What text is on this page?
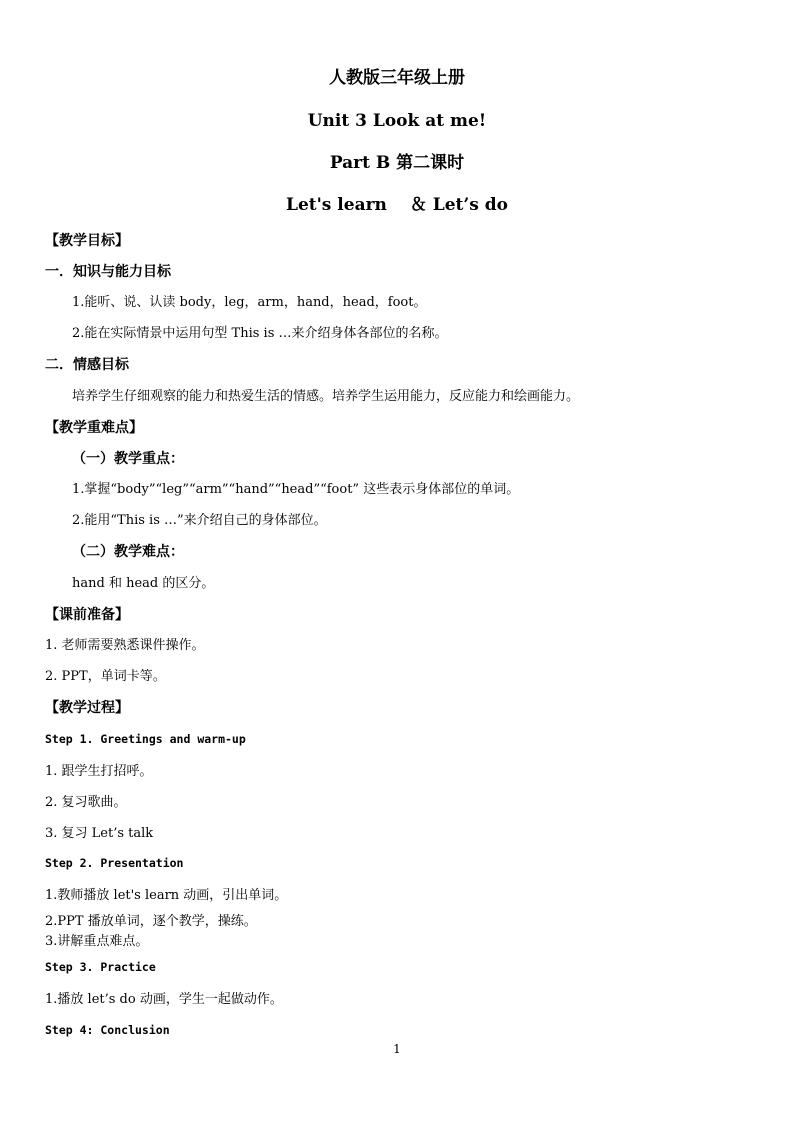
人教版三年级上册
Unit 3 Look at me!
Part B 第二课时
Let's learn　 ＆ Let’s do
【教学目标】
一．知识与能力目标
1.能听、说、认读 body，leg，arm，hand，head，foot。
2.能在实际情景中运用句型 This is …来介绍身体各部位的名称。
二．情感目标
培养学生仔细观察的能力和热爱生活的情感。培养学生运用能力，反应能力和绘画能力。
【教学重难点】
（一）教学重点：
1.掌握“body”“leg”“arm”“hand”“head”“foot” 这些表示身体部位的单词。
2.能用“This is …”来介绍自己的身体部位。
（二）教学难点：
hand 和 head 的区分。
【课前准备】
1. 老师需要熟悉课件操作。
2. PPT，单词卡等。
【教学过程】
Step 1. Greetings and warm-up
1. 跟学生打招呼。
2. 复习歌曲。
3. 复习 Let’s talk
Step 2. Presentation
1.教师播放 let's learn 动画，引出单词。
2.PPT 播放单词，逐个教学，操练。
3.讲解重点难点。
Step 3. Practice
1.播放 let’s do 动画，学生一起做动作。
Step 4: Conclusion
1
